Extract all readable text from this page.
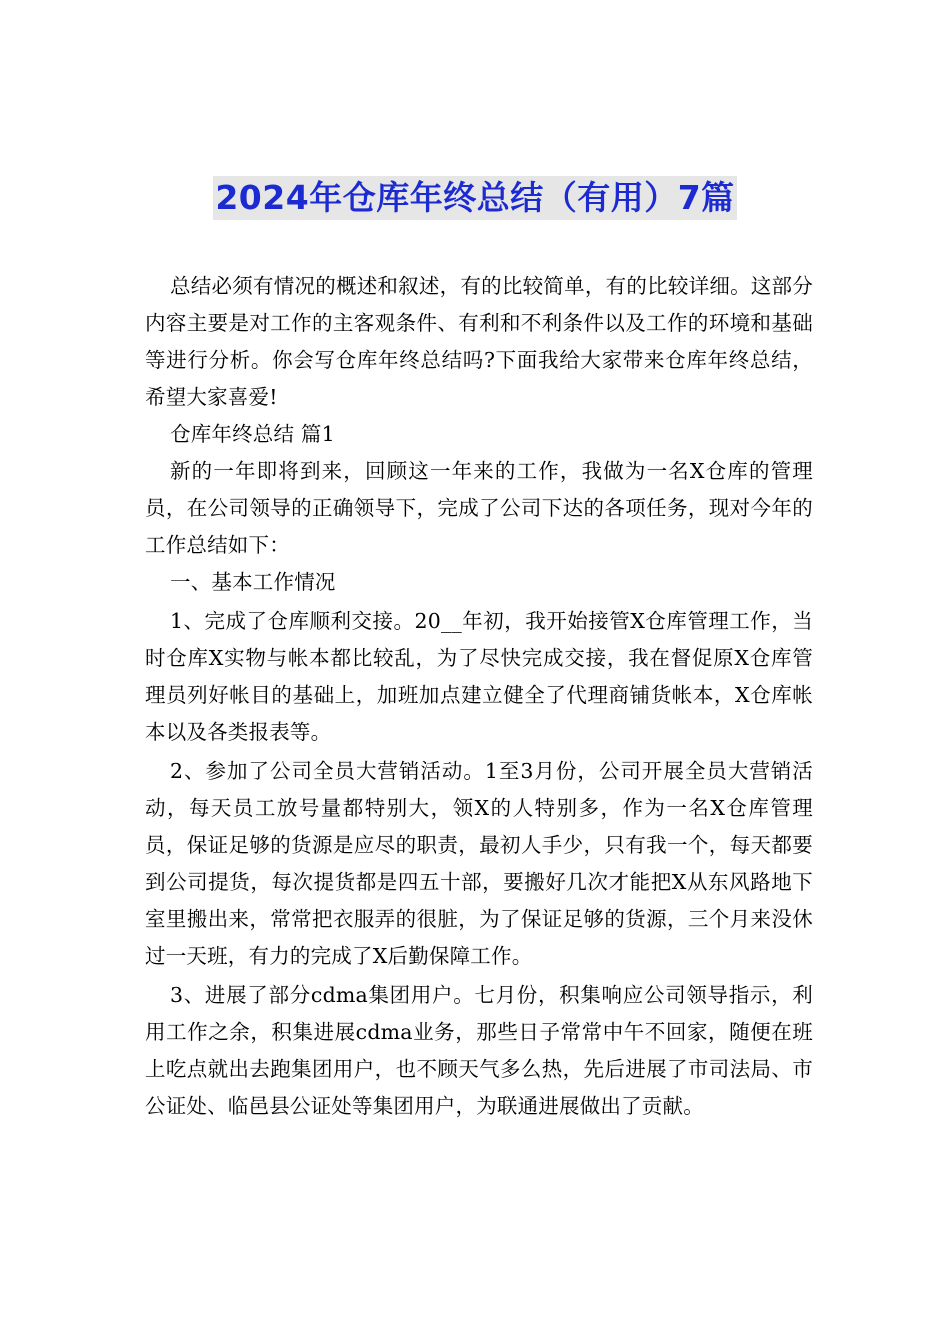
2024年仓库年终总结（有用）7篇

总结必须有情况的概述和叙述，有的比较简单，有的比较详细。这部分内容主要是对工作的主客观条件、有利和不利条件以及工作的环境和基础等进行分析。你会写仓库年终总结吗?下面我给大家带来仓库年终总结，希望大家喜爱!

仓库年终总结 篇1

新的一年即将到来，回顾这一年来的工作，我做为一名X仓库的管理员，在公司领导的正确领导下，完成了公司下达的各项任务，现对今年的工作总结如下：

一、基本工作情况

1、完成了仓库顺利交接。20__年初，我开始接管X仓库管理工作，当时仓库X实物与帐本都比较乱，为了尽快完成交接，我在督促原X仓库管理员列好帐目的基础上，加班加点建立健全了代理商铺货帐本，X仓库帐本以及各类报表等。

2、参加了公司全员大营销活动。1至3月份，公司开展全员大营销活动，每天员工放号量都特别大，领X的人特别多，作为一名X仓库管理员，保证足够的货源是应尽的职责，最初人手少，只有我一个，每天都要到公司提货，每次提货都是四五十部，要搬好几次才能把X从东风路地下室里搬出来，常常把衣服弄的很脏，为了保证足够的货源，三个月来没休过一天班，有力的完成了X后勤保障工作。

3、进展了部分cdma集团用户。七月份，积集响应公司领导指示，利用工作之余，积集进展cdma业务，那些日子常常中午不回家，随便在班上吃点就出去跑集团用户，也不顾天气多么热，先后进展了市司法局、市公证处、临邑县公证处等集团用户，为联通进展做出了贡献。
